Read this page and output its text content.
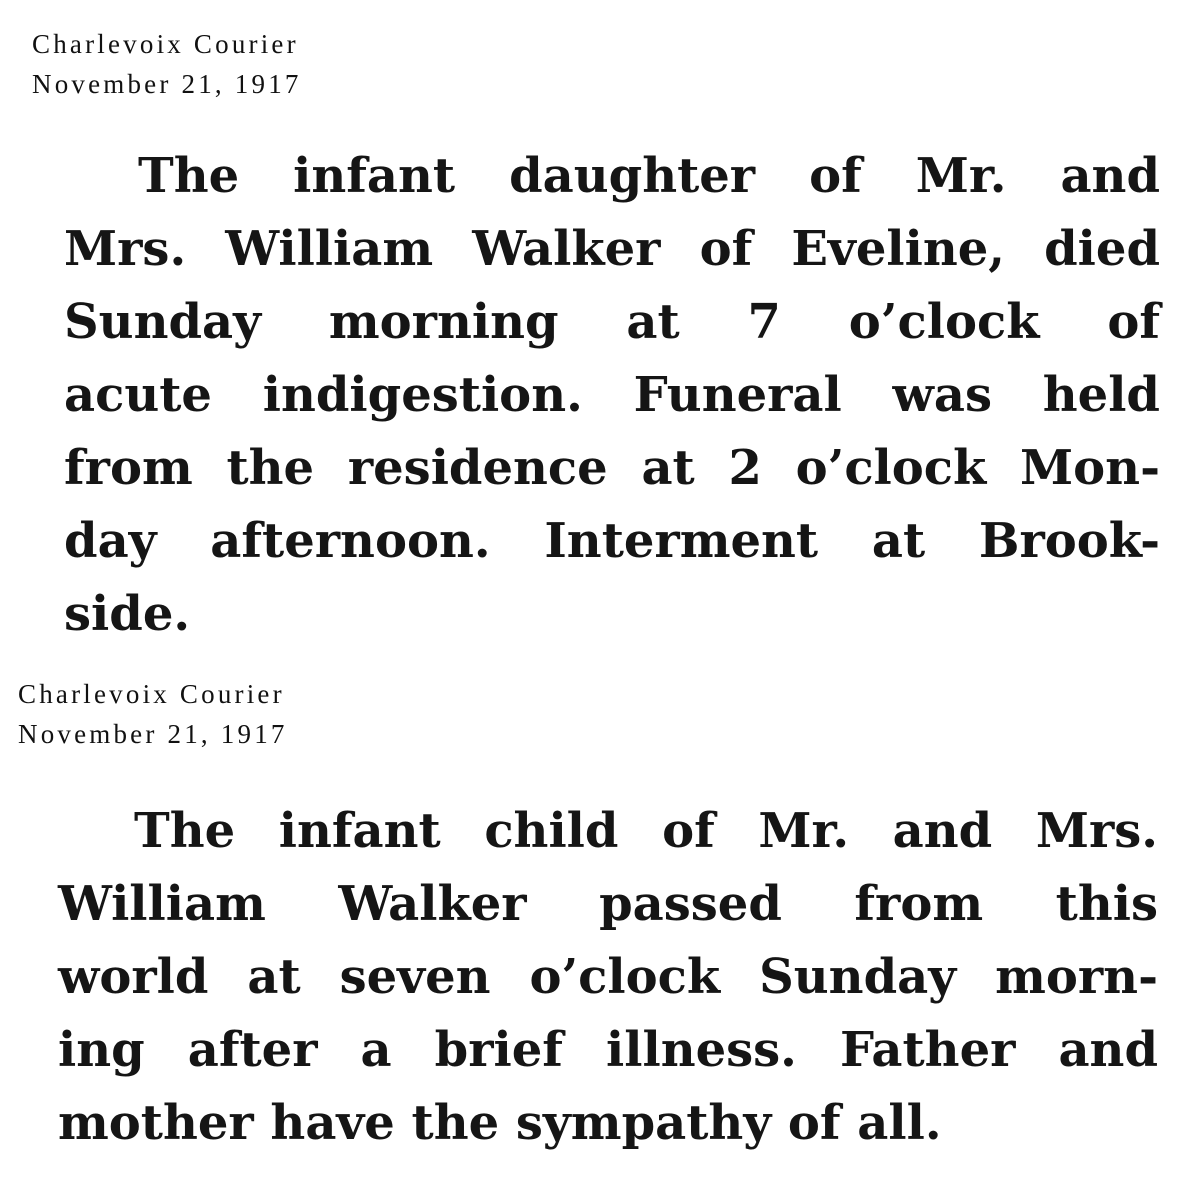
Charlevoix Courier
November 21, 1917
The infant daughter of Mr. and
Mrs. William Walker of Eveline, died
Sunday morning at 7 o’clock of
acute indigestion. Funeral was held
from the residence at 2 o’clock Mon-
day afternoon. Interment at Brook-
side.
Charlevoix Courier
November 21, 1917
The infant child of Mr. and Mrs.
William Walker passed from this
world at seven o’clock Sunday morn-
ing after a brief illness. Father and
mother have the sympathy of all.
